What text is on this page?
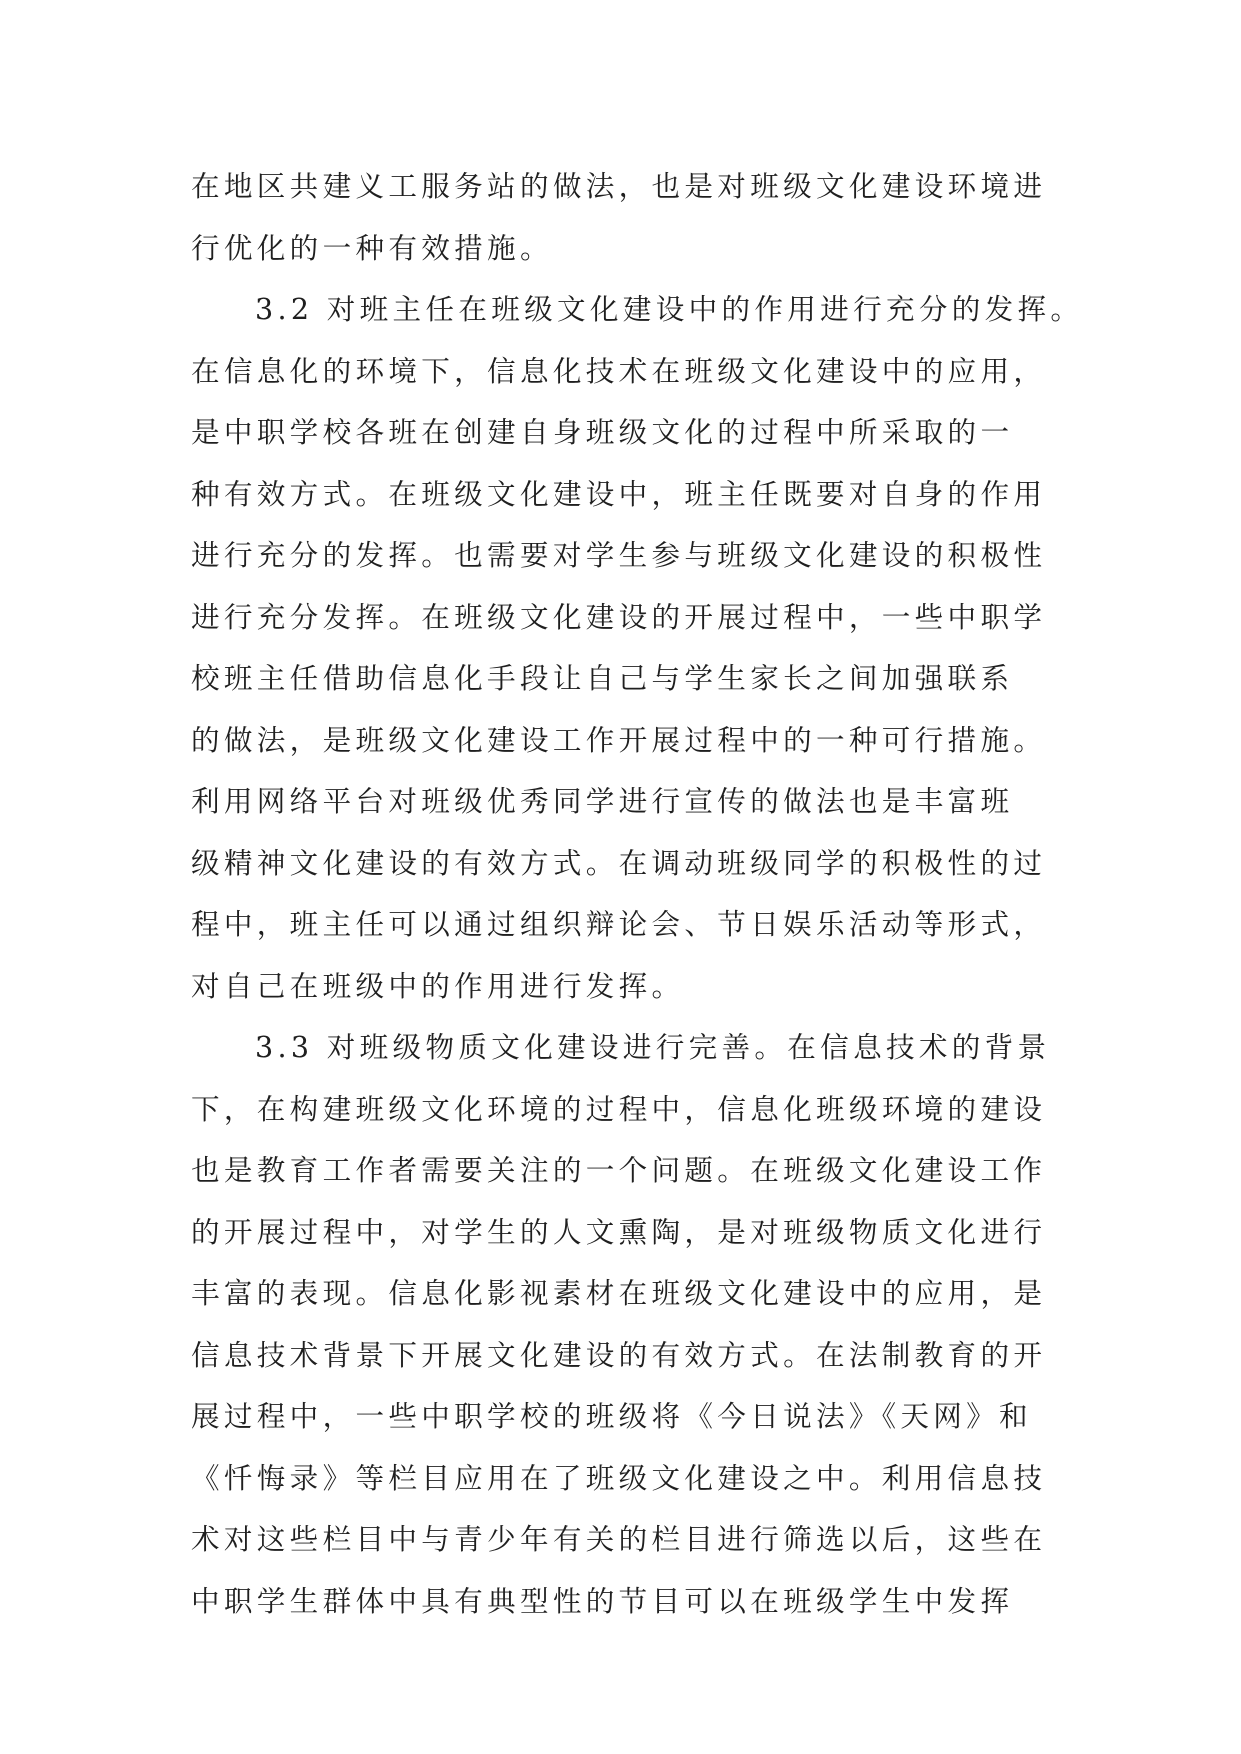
在地区共建义工服务站的做法，也是对班级文化建设环境进
行优化的一种有效措施。
3.2 对班主任在班级文化建设中的作用进行充分的发挥。
在信息化的环境下，信息化技术在班级文化建设中的应用，
是中职学校各班在创建自身班级文化的过程中所采取的一
种有效方式。在班级文化建设中，班主任既要对自身的作用
进行充分的发挥。也需要对学生参与班级文化建设的积极性
进行充分发挥。在班级文化建设的开展过程中，一些中职学
校班主任借助信息化手段让自己与学生家长之间加强联系
的做法，是班级文化建设工作开展过程中的一种可行措施。
利用网络平台对班级优秀同学进行宣传的做法也是丰富班
级精神文化建设的有效方式。在调动班级同学的积极性的过
程中，班主任可以通过组织辩论会、节日娱乐活动等形式，
对自己在班级中的作用进行发挥。
3.3 对班级物质文化建设进行完善。在信息技术的背景
下，在构建班级文化环境的过程中，信息化班级环境的建设
也是教育工作者需要关注的一个问题。在班级文化建设工作
的开展过程中，对学生的人文熏陶，是对班级物质文化进行
丰富的表现。信息化影视素材在班级文化建设中的应用，是
信息技术背景下开展文化建设的有效方式。在法制教育的开
展过程中，一些中职学校的班级将《今日说法》《天网》和
《忏悔录》等栏目应用在了班级文化建设之中。利用信息技
术对这些栏目中与青少年有关的栏目进行筛选以后，这些在
中职学生群体中具有典型性的节目可以在班级学生中发挥
